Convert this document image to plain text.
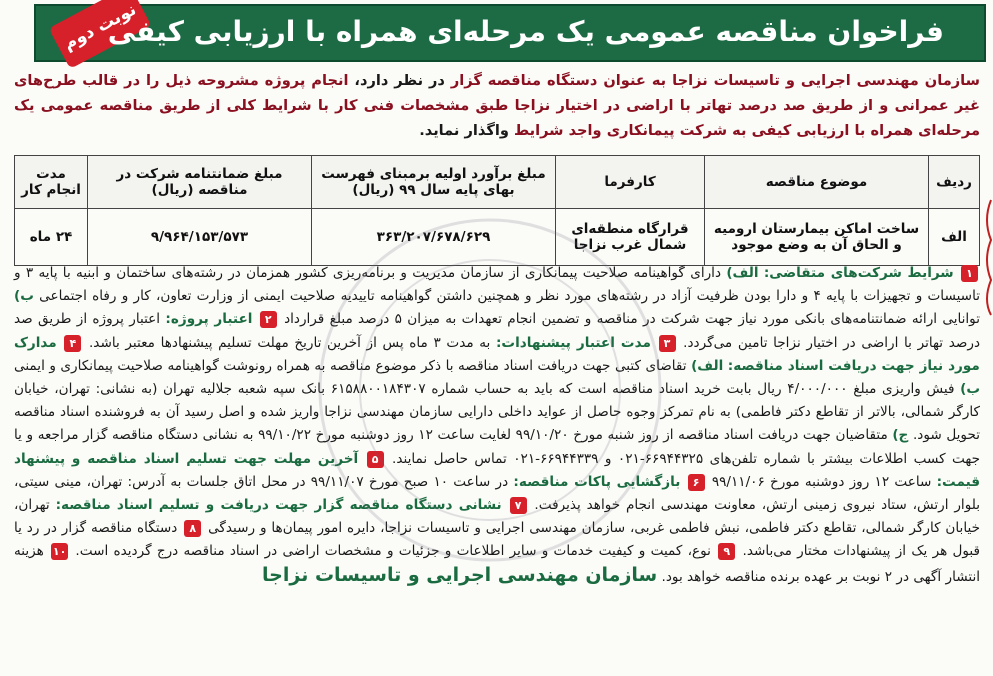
نوبت دوم
فراخوان مناقصه عمومی یک مرحله‌ای همراه با ارزیابی کیفی
سازمان مهندسی اجرایی و تاسیسات نزاجا به عنوان دستگاه مناقصه گزار در نظر دارد، انجام پروژه مشروحه ذیل را در قالب طرح‌های غیر عمرانی و از طریق صد درصد تهاتر با اراضی در اختیار نزاجا طبق مشخصات فنی کار با شرایط کلی از طریق مناقصه عمومی یک مرحله‌ای همراه با ارزیابی کیفی به شرکت پیمانکاری واجد شرایط واگذار نماید.
ردیف	موضوع مناقصه	کارفرما	مبلغ برآورد اولیه برمبنای فهرست بهای پایه سال ۹۹ (ریال)	مبلغ ضمانتنامه شرکت در مناقصه (ریال)	مدت انجام کار
الف	ساخت اماکن بیمارستان ارومیه و الحاق آن به وضع موجود	قرارگاه منطقه‌ای شمال غرب نزاجا	۳۶۳/۲۰۷/۶۷۸/۶۲۹	۹/۹۶۴/۱۵۳/۵۷۳	۲۴ ماه
۱ شرایط شرکت‌های متقاضی: الف) دارای گواهینامه صلاحیت پیمانکاری از سازمان مدیریت و برنامه‌ریزی کشور همزمان در رشته‌های ساختمان و ابنیه با پایه ۳ و تاسیسات و تجهیزات با پایه ۴ و دارا بودن ظرفیت آزاد در رشته‌های مورد نظر و همچنین داشتن گواهینامه تاییدیه صلاحیت ایمنی از وزارت تعاون، کار و رفاه اجتماعی ب) توانایی ارائه ضمانتنامه‌های بانکی مورد نیاز جهت شرکت در مناقصه و تضمین انجام تعهدات به میزان ۵ درصد مبلغ قرارداد ۲ اعتبار پروژه: اعتبار پروژه از طریق صد درصد تهاتر با اراضی در اختیار نزاجا تامین می‌گردد. ۳ مدت اعتبار پیشنهادات: به مدت ۳ ماه پس از آخرین تاریخ مهلت تسلیم پیشنهادها معتبر باشد. ۴ مدارک مورد نیاز جهت دریافت اسناد مناقصه: الف) تقاضای کتبی جهت دریافت اسناد مناقصه با ذکر موضوع مناقصه به همراه رونوشت گواهینامه صلاحیت پیمانکاری و ایمنی ب) فیش واریزی مبلغ ۴/۰۰۰/۰۰۰ ریال بابت خرید اسناد مناقصه است که باید به حساب شماره ۶۱۵۸۸۰۰۱۸۴۳۰۷ بانک سپه شعبه جلالیه تهران (به نشانی: تهران، خیابان کارگر شمالی، بالاتر از تقاطع دکتر فاطمی) به نام تمرکز وجوه حاصل از عواید داخلی دارایی سازمان مهندسی نزاجا واریز شده و اصل رسید آن به فروشنده اسناد مناقصه تحویل شود. ج) متقاضیان جهت دریافت اسناد مناقصه از روز شنبه مورخ ۹۹/۱۰/۲۰ لغایت ساعت ۱۲ روز دوشنبه مورخ ۹۹/۱۰/۲۲ به نشانی دستگاه مناقصه گزار مراجعه و یا جهت کسب اطلاعات بیشتر با شماره تلفن‌های ۶۶۹۴۴۳۲۵-۰۲۱ و ۶۶۹۴۴۳۳۹-۰۲۱ تماس حاصل نمایند. ۵ آخرین مهلت جهت تسلیم اسناد مناقصه و پیشنهاد قیمت: ساعت ۱۲ روز دوشنبه مورخ ۹۹/۱۱/۰۶ ۶ بازگشایی پاکات مناقصه: در ساعت ۱۰ صبح مورخ ۹۹/۱۱/۰۷ در محل اتاق جلسات به آدرس: تهران، مینی سیتی، بلوار ارتش، ستاد نیروی زمینی ارتش، معاونت مهندسی انجام خواهد پذیرفت. ۷ نشانی دستگاه مناقصه گزار جهت دریافت و تسلیم اسناد مناقصه: تهران، خیابان کارگر شمالی، تقاطع دکتر فاطمی، نبش فاطمی غربی، سازمان مهندسی اجرایی و تاسیسات نزاجا، دایره امور پیمان‌ها و رسیدگی ۸ دستگاه مناقصه گزار در رد یا قبول هر یک از پیشنهادات مختار می‌باشد. ۹ نوع، کمیت و کیفیت خدمات و سایر اطلاعات و جزئیات و مشخصات اراضی در اسناد مناقصه درج گردیده است. ۱۰ هزینه انتشار آگهی در ۲ نوبت بر عهده برنده مناقصه خواهد بود. سازمان مهندسی اجرایی و تاسیسات نزاجا
